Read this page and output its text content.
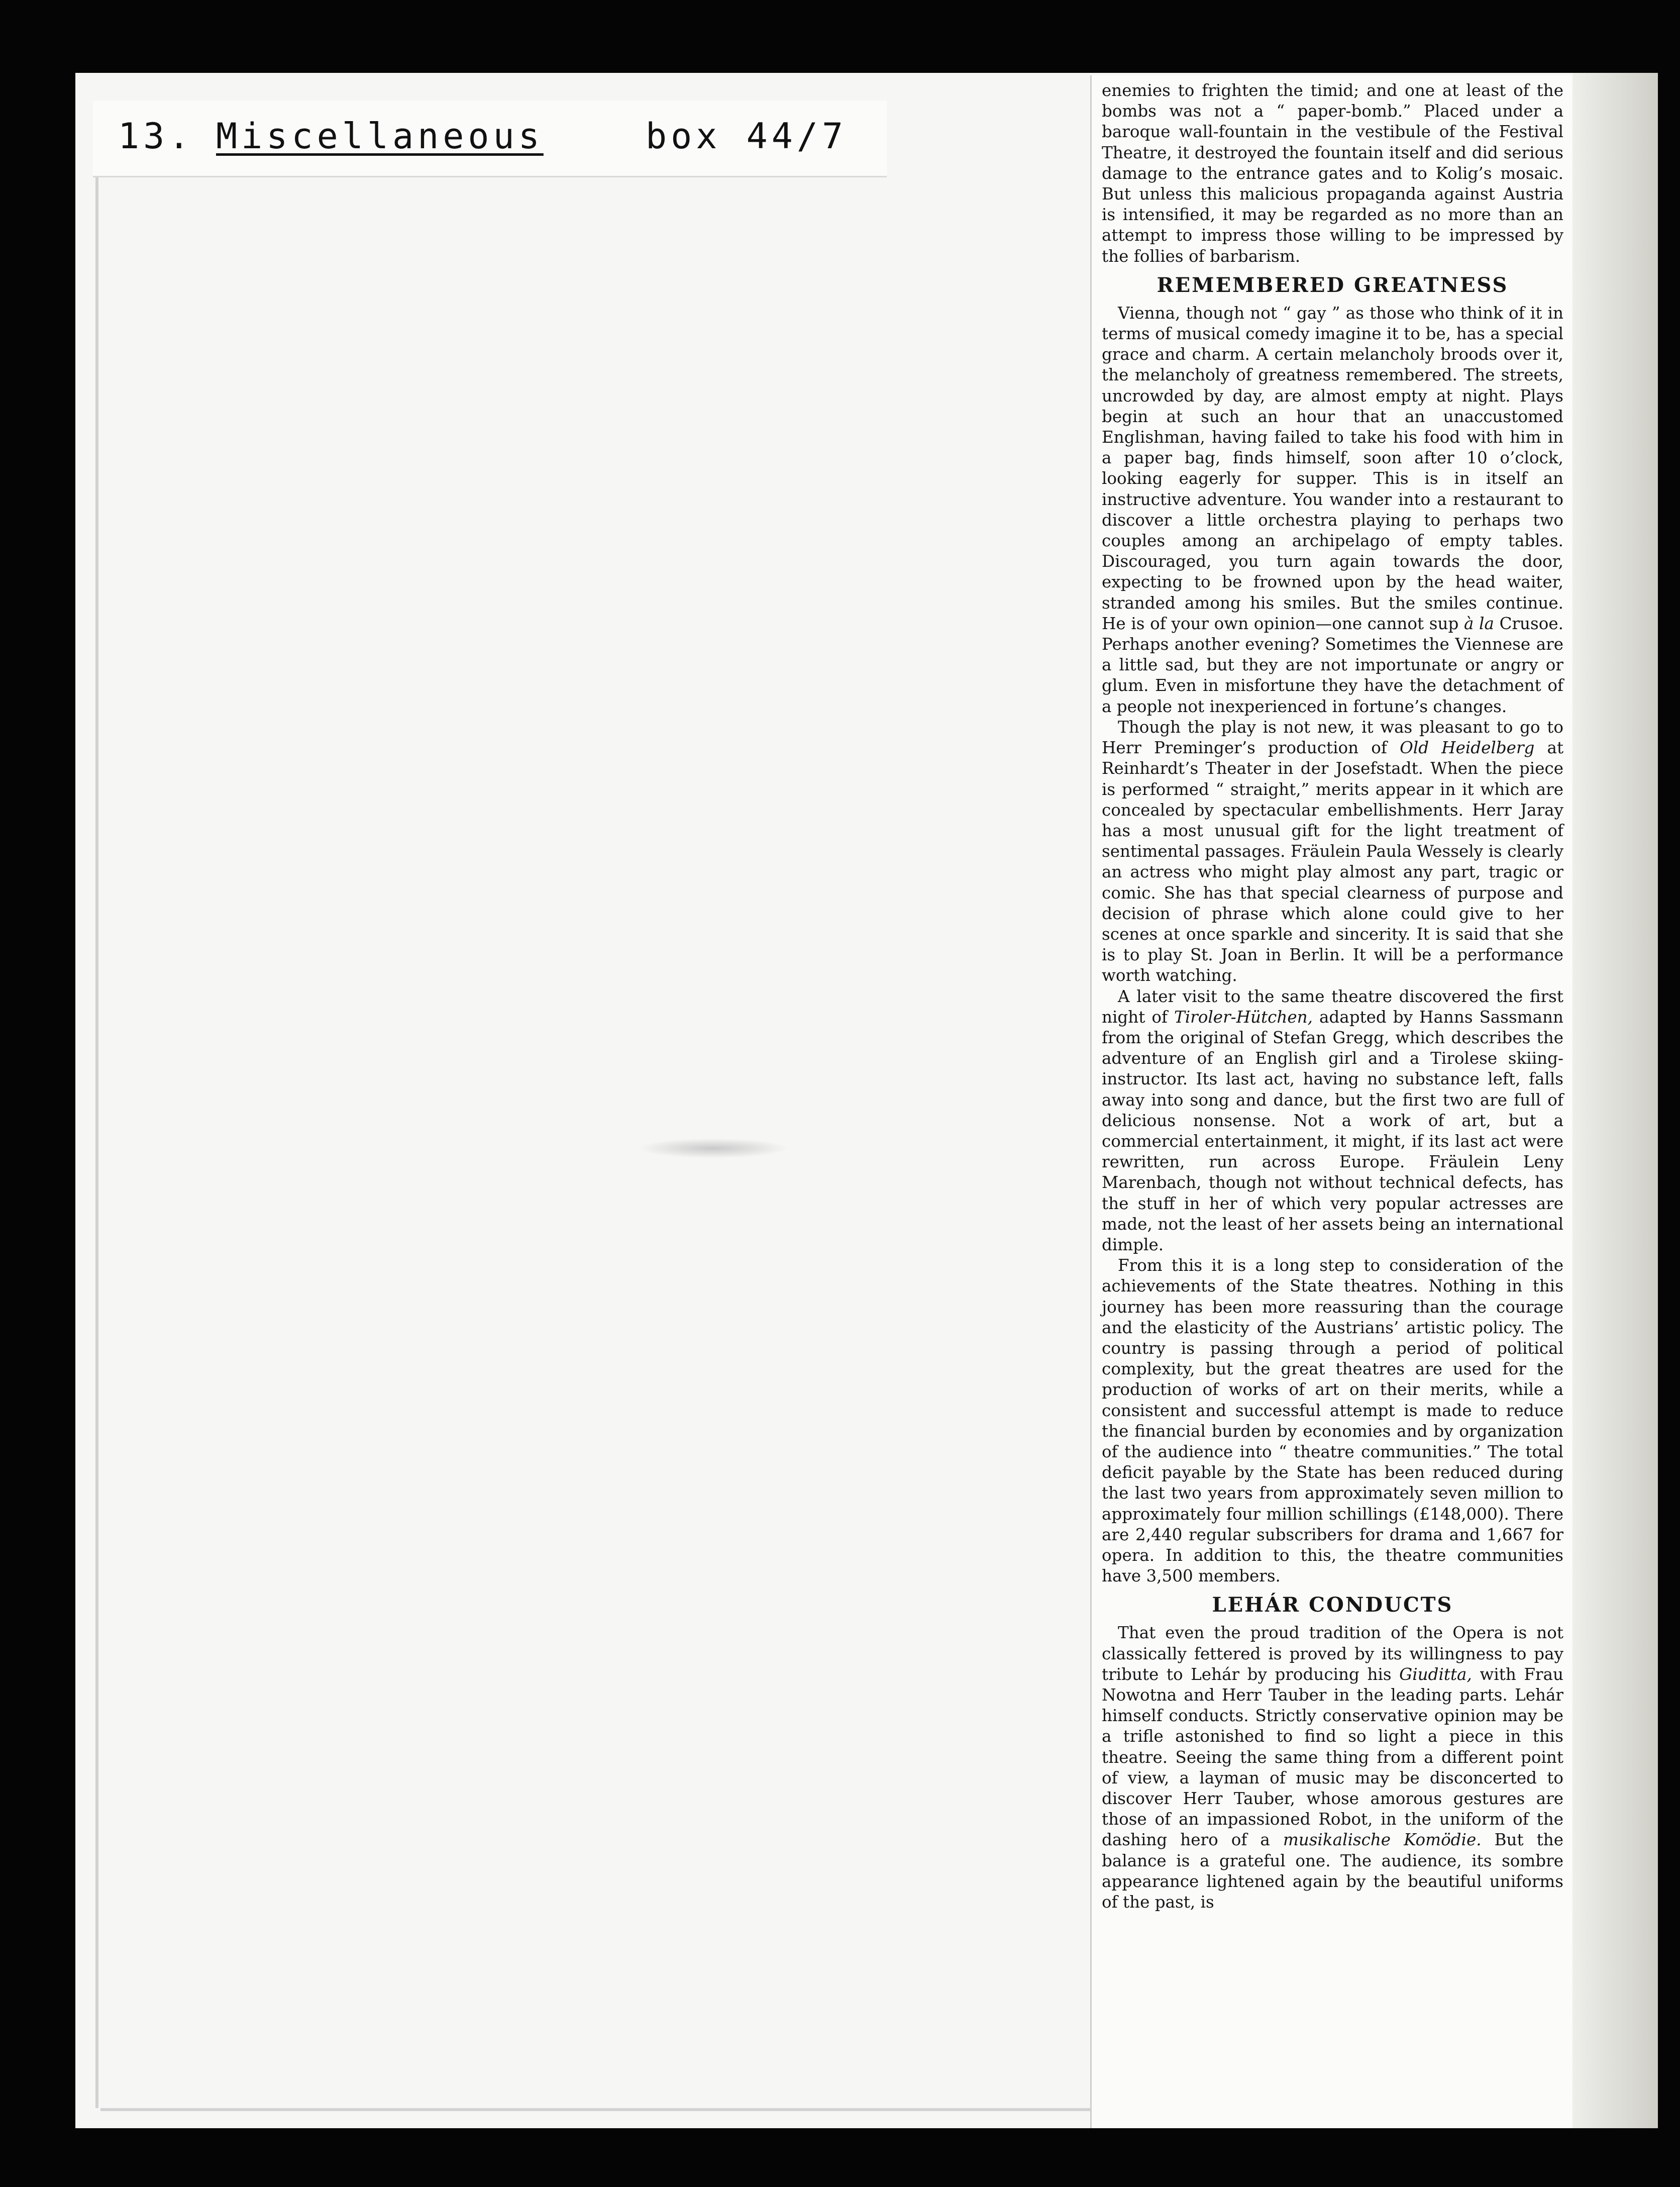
13. Miscellaneous	box 44/7

enemies to frighten the timid; and one at least of the bombs was not a “ paper-bomb.” Placed under a baroque wall-fountain in the vestibule of the Festival Theatre, it destroyed the fountain itself and did serious damage to the entrance gates and to Kolig’s mosaic. But unless this malicious propaganda against Austria is intensified, it may be regarded as no more than an attempt to impress those willing to be impressed by the follies of barbarism.

REMEMBERED GREATNESS

Vienna, though not “ gay ” as those who think of it in terms of musical comedy imagine it to be, has a special grace and charm. A certain melancholy broods over it, the melancholy of greatness remembered. The streets, uncrowded by day, are almost empty at night. Plays begin at such an hour that an unaccustomed Englishman, having failed to take his food with him in a paper bag, finds himself, soon after 10 o’clock, looking eagerly for supper. This is in itself an instructive adventure. You wander into a restaurant to discover a little orchestra playing to perhaps two couples among an archipelago of empty tables. Discouraged, you turn again towards the door, expecting to be frowned upon by the head waiter, stranded among his smiles. But the smiles continue. He is of your own opinion—one cannot sup à la Crusoe. Perhaps another evening? Sometimes the Viennese are a little sad, but they are not importunate or angry or glum. Even in misfortune they have the detachment of a people not inexperienced in fortune’s changes.

Though the play is not new, it was pleasant to go to Herr Preminger’s production of Old Heidelberg at Reinhardt’s Theater in der Josefstadt. When the piece is performed “ straight,” merits appear in it which are concealed by spectacular embellishments. Herr Jaray has a most unusual gift for the light treatment of sentimental passages. Fräulein Paula Wessely is clearly an actress who might play almost any part, tragic or comic. She has that special clearness of purpose and decision of phrase which alone could give to her scenes at once sparkle and sincerity. It is said that she is to play St. Joan in Berlin. It will be a performance worth watching.

A later visit to the same theatre discovered the first night of Tiroler-Hütchen, adapted by Hanns Sassmann from the original of Stefan Gregg, which describes the adventure of an English girl and a Tirolese skiing-instructor. Its last act, having no substance left, falls away into song and dance, but the first two are full of delicious nonsense. Not a work of art, but a commercial entertainment, it might, if its last act were rewritten, run across Europe. Fräulein Leny Marenbach, though not without technical defects, has the stuff in her of which very popular actresses are made, not the least of her assets being an international dimple.

From this it is a long step to consideration of the achievements of the State theatres. Nothing in this journey has been more reassuring than the courage and the elasticity of the Austrians’ artistic policy. The country is passing through a period of political complexity, but the great theatres are used for the production of works of art on their merits, while a consistent and successful attempt is made to reduce the financial burden by economies and by organization of the audience into “ theatre communities.” The total deficit payable by the State has been reduced during the last two years from approximately seven million to approximately four million schillings (£148,000). There are 2,440 regular subscribers for drama and 1,667 for opera. In addition to this, the theatre communities have 3,500 members.

LEHÁR CONDUCTS

That even the proud tradition of the Opera is not classically fettered is proved by its willingness to pay tribute to Lehár by producing his Giuditta, with Frau Nowotna and Herr Tauber in the leading parts. Lehár himself conducts. Strictly conservative opinion may be a trifle astonished to find so light a piece in this theatre. Seeing the same thing from a different point of view, a layman of music may be disconcerted to discover Herr Tauber, whose amorous gestures are those of an impassioned Robot, in the uniform of the dashing hero of a musikalische Komödie. But the balance is a grateful one. The audience, its sombre appearance lightened again by the beautiful uniforms of the past, is
